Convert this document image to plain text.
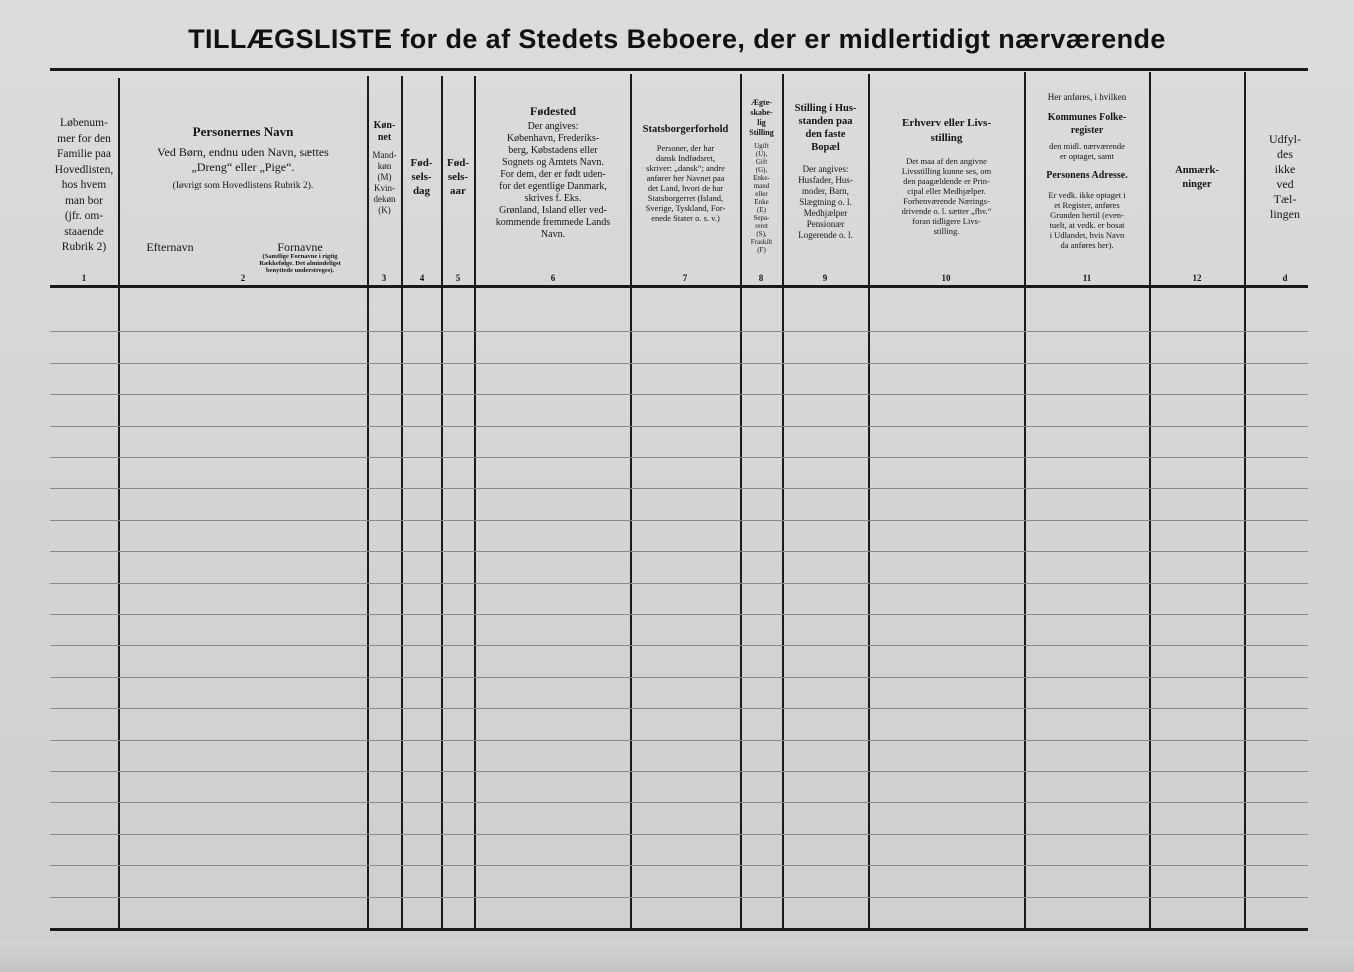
TILLÆGSLISTE for de af Stedets Beboere, der er midlertidigt nærværende
Løbenum-
mer for den
Familie paa
Hovedlisten,
hos hvem
man bor
(jfr. om-
staaende
Rubrik 2)
Personernes Navn
Ved Børn, endnu uden Navn, sættes
„Dreng“ eller „Pige“.
(Iøvrigt som Hovedlistens Rubrik 2).
Efternavn	Fornavne
(Samtlige Fornavne i rigtig
Rækkefølge. Det almindeligst
benyttede understreges).
Køn-
net
Mand-
køn
(M)
Kvin-
dekøn
(K)
Fød-
sels-
dag
Fød-
sels-
aar
Fødested
Der angives:
København, Frederiks-
berg, Købstadens eller
Sognets og Amtets Navn.
For dem, der er født uden-
for det egentlige Danmark,
skrives f. Eks.
Grønland, Island eller ved-
kommende fremmede Lands
Navn.
Statsborgerforhold
Personer, der har
dansk Indfødsret,
skriver: „dansk“; andre
anfører her Navnet paa
det Land, hvori de har
Statsborgerret (Island,
Sverige, Tyskland, For-
enede Stater o. s. v.)
Ægte-
skabe-
lig
Stilling
Ugift
(U),
Gift
(G),
Enke-
mand
eller
Enke
(E)
Sepa-
reret
(S),
Fraskilt
(F)
Stilling i Hus-
standen paa
den faste
Bopæl
Der angives:
Husfader, Hus-
moder, Barn,
Slægtning o. l.
Medhjælper
Pensionær
Logerende o. l.
Erhverv eller Livs-
stilling
Det maa af den angivne
Livsstilling kunne ses, om
den paagældende er Prin-
cipal eller Medhjælper.
Forhenværende Nærings-
drivende o. l. sætter „fhv.“
foran tidligere Livs-
stilling.
Her anføres, i hvilken
Kommunes Folke-
register
den midl. nærværende
er optaget, samt
Personens Adresse.
Er vedk. ikke optaget i
et Register, anføres
Grunden hertil (even-
tuelt, at vedk. er bosat
i Udlandet, hvis Navn
da anføres her).
Anmærk-
ninger
Udfyl-
des
ikke
ved
Tæl-
lingen
1	2	3	4	5	6	7	8	9	10	11	12	d
